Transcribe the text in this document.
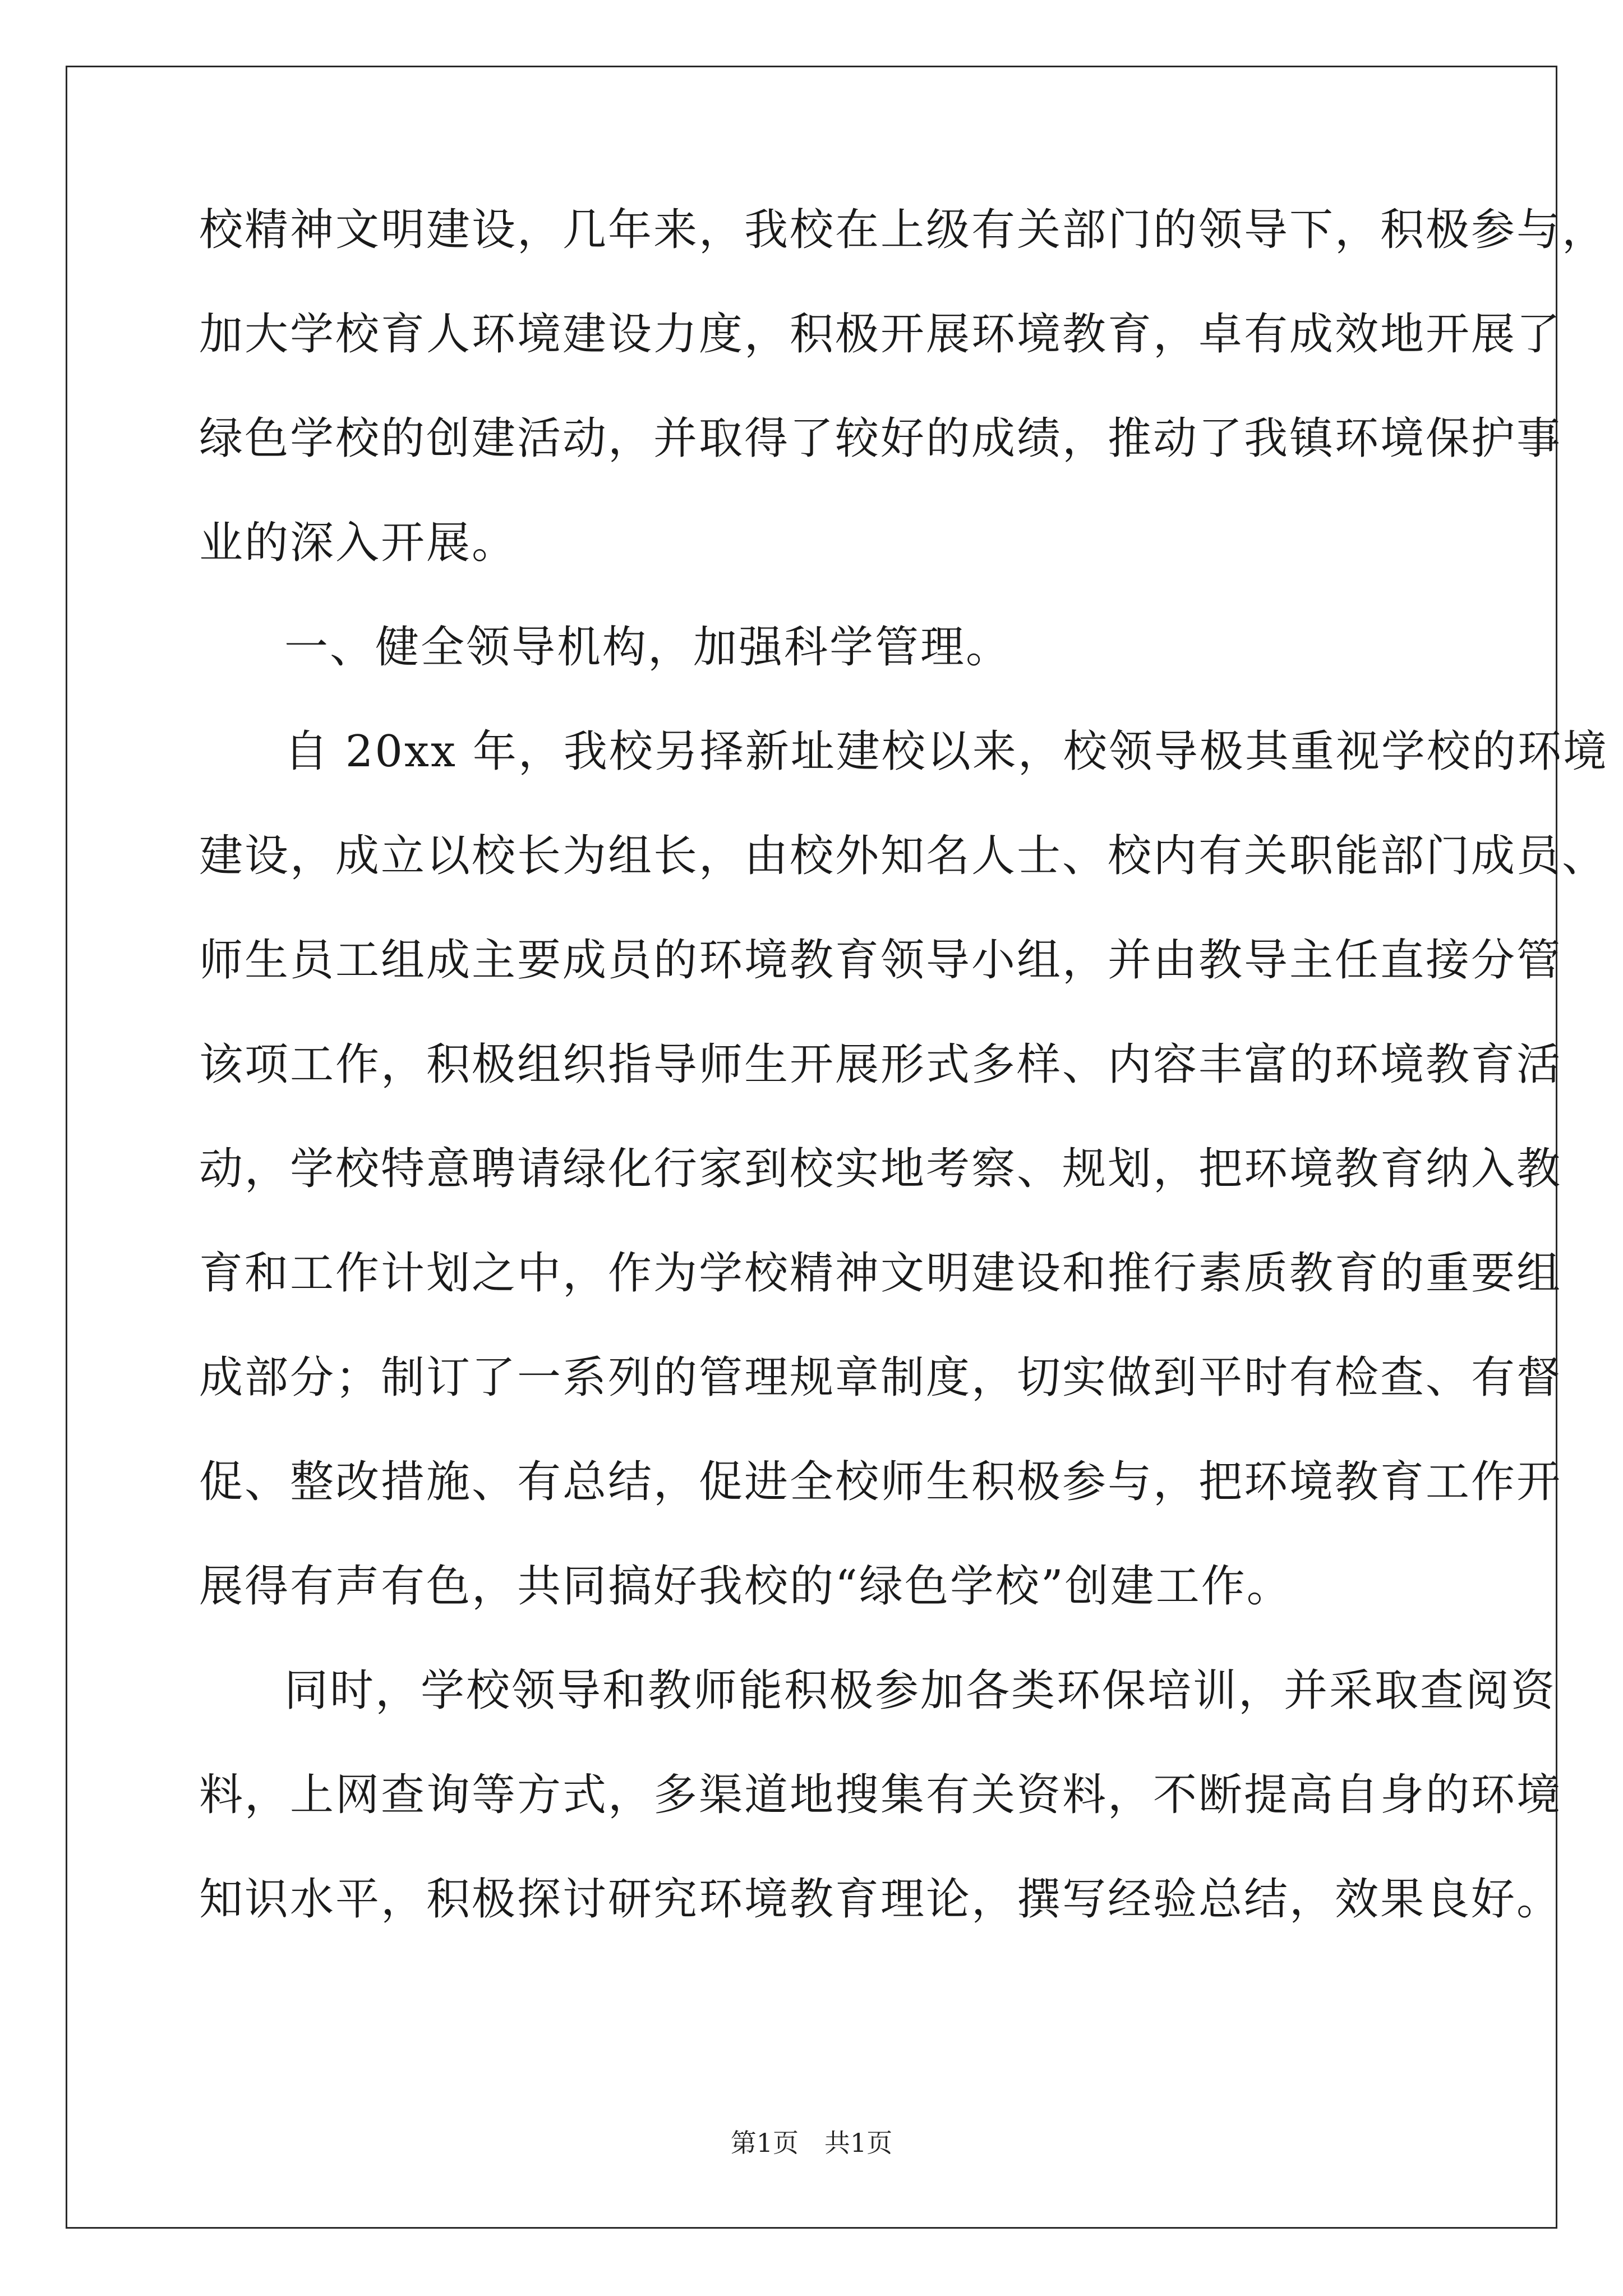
校精神文明建设，几年来，我校在上级有关部门的领导下，积极参与，
加大学校育人环境建设力度，积极开展环境教育，卓有成效地开展了
绿色学校的创建活动，并取得了较好的成绩，推动了我镇环境保护事
业的深入开展。
一、健全领导机构，加强科学管理。
自 20xx 年，我校另择新址建校以来，校领导极其重视学校的环境
建设，成立以校长为组长，由校外知名人士、校内有关职能部门成员、
师生员工组成主要成员的环境教育领导小组，并由教导主任直接分管
该项工作，积极组织指导师生开展形式多样、内容丰富的环境教育活
动，学校特意聘请绿化行家到校实地考察、规划，把环境教育纳入教
育和工作计划之中，作为学校精神文明建设和推行素质教育的重要组
成部分；制订了一系列的管理规章制度，切实做到平时有检查、有督
促、整改措施、有总结，促进全校师生积极参与，把环境教育工作开
展得有声有色，共同搞好我校的“绿色学校”创建工作。
同时，学校领导和教师能积极参加各类环保培训，并采取查阅资
料，上网查询等方式，多渠道地搜集有关资料，不断提高自身的环境
知识水平，积极探讨研究环境教育理论，撰写经验总结，效果良好。
第1页　共1页
